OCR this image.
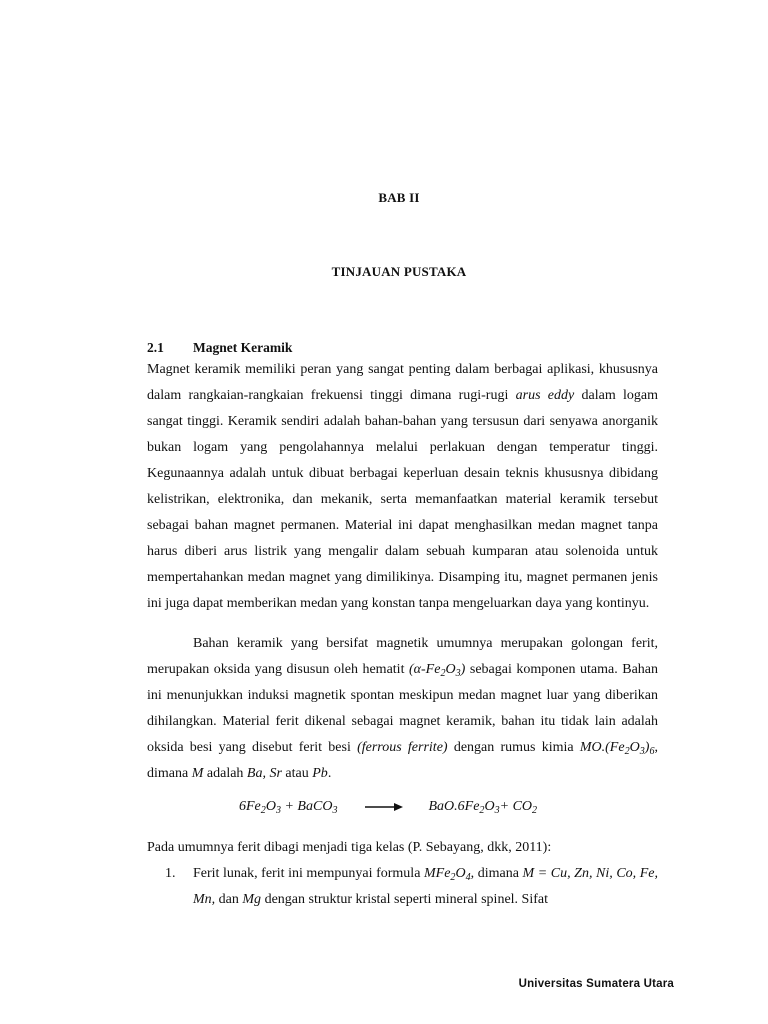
BAB II
TINJAUAN PUSTAKA
2.1 Magnet Keramik

Magnet keramik memiliki peran yang sangat penting dalam berbagai aplikasi, khususnya dalam rangkaian-rangkaian frekuensi tinggi dimana rugi-rugi arus eddy dalam logam sangat tinggi. Keramik sendiri adalah bahan-bahan yang tersusun dari senyawa anorganik bukan logam yang pengolahannya melalui perlakuan dengan temperatur tinggi. Kegunaannya adalah untuk dibuat berbagai keperluan desain teknis khususnya dibidang kelistrikan, elektronika, dan mekanik, serta memanfaatkan material keramik tersebut sebagai bahan magnet permanen. Material ini dapat menghasilkan medan magnet tanpa harus diberi arus listrik yang mengalir dalam sebuah kumparan atau solenoida untuk mempertahankan medan magnet yang dimilikinya. Disamping itu, magnet permanen jenis ini juga dapat memberikan medan yang konstan tanpa mengeluarkan daya yang kontinyu.

Bahan keramik yang bersifat magnetik umumnya merupakan golongan ferit, merupakan oksida yang disusun oleh hematit $(\alpha-Fe_2O_3)$ sebagai komponen utama. Bahan ini menunjukkan induksi magnetik spontan meskipun medan magnet luar yang diberikan dihilangkan. Material ferit dikenal sebagai magnet keramik, bahan itu tidak lain adalah oksida besi yang disebut ferit besi (ferrous ferrite) dengan rumus kimia $MO.(Fe_2O_3)_6$, dimana M adalah Ba, Sr atau Pb.

$6Fe_2O_3$ + BaCO$_3$ → $BaO.6Fe_2O_3+ CO_2$

Pada umumnya ferit dibagi menjadi tiga kelas (P. Sebayang, dkk, 2011):

1. Ferit lunak, ferit ini mempunyai formula $MFe_2O_4$, dimana M = Cu, Zn, Ni, Co, Fe, Mn, dan Mg dengan struktur kristal seperti mineral spinel. Sifat
Universitas Sumatera Utara
